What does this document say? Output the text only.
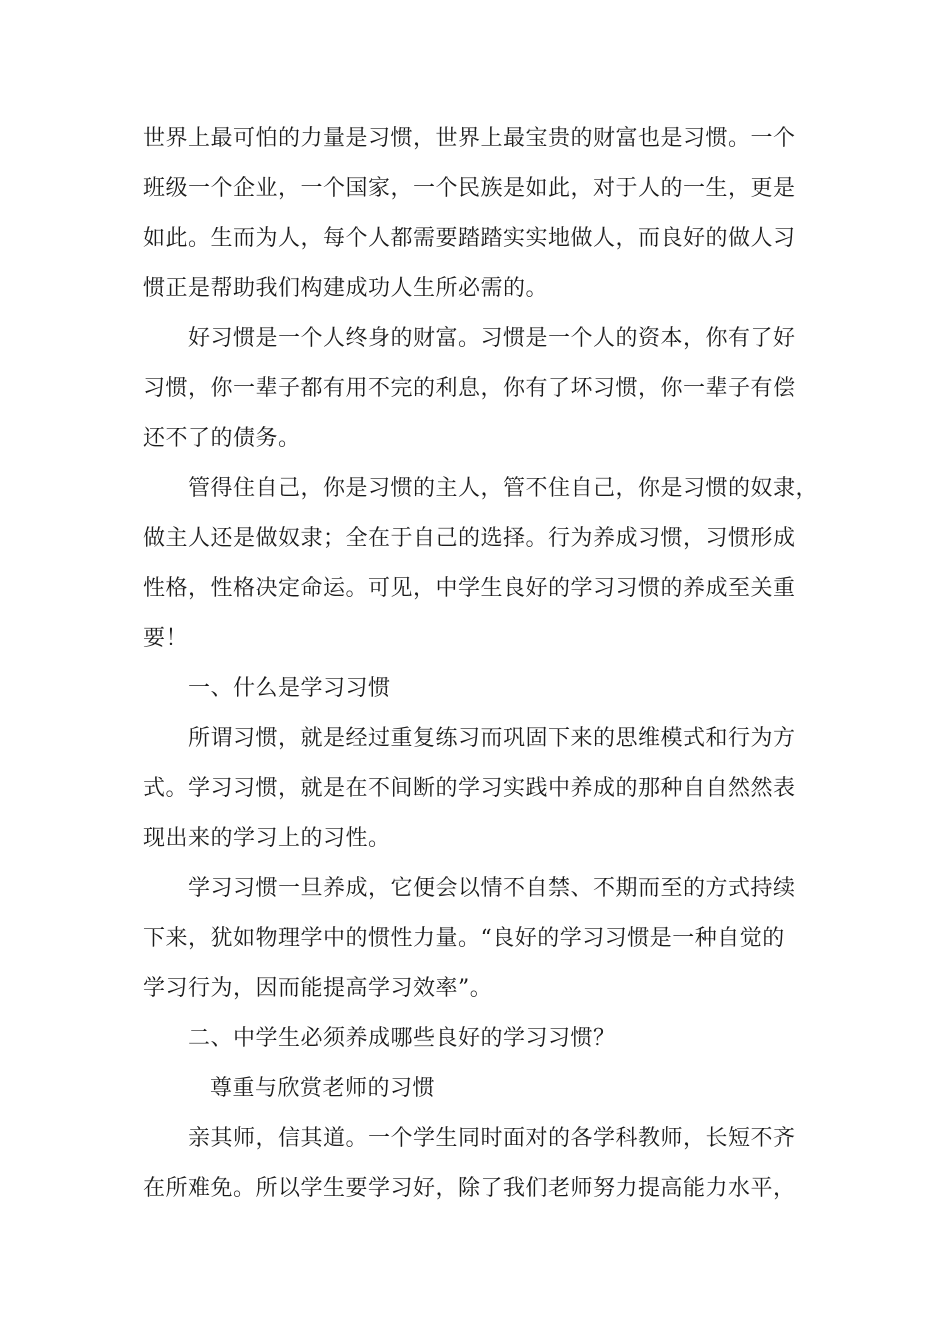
世界上最可怕的力量是习惯，世界上最宝贵的财富也是习惯。一个
班级一个企业，一个国家，一个民族是如此，对于人的一生，更是
如此。生而为人，每个人都需要踏踏实实地做人，而良好的做人习
惯正是帮助我们构建成功人生所必需的。
好习惯是一个人终身的财富。习惯是一个人的资本，你有了好
习惯，你一辈子都有用不完的利息，你有了坏习惯，你一辈子有偿
还不了的债务。
管得住自己，你是习惯的主人，管不住自己，你是习惯的奴隶，
做主人还是做奴隶；全在于自己的选择。行为养成习惯，习惯形成
性格，性格决定命运。可见，中学生良好的学习习惯的养成至关重
要！
一、什么是学习习惯
所谓习惯，就是经过重复练习而巩固下来的思维模式和行为方
式。学习习惯，就是在不间断的学习实践中养成的那种自自然然表
现出来的学习上的习性。
学习习惯一旦养成，它便会以情不自禁、不期而至的方式持续
下来，犹如物理学中的惯性力量。“良好的学习习惯是一种自觉的
学习行为，因而能提高学习效率”。
二、中学生必须养成哪些良好的学习习惯？
尊重与欣赏老师的习惯
亲其师，信其道。一个学生同时面对的各学科教师，长短不齐
在所难免。所以学生要学习好，除了我们老师努力提高能力水平，
